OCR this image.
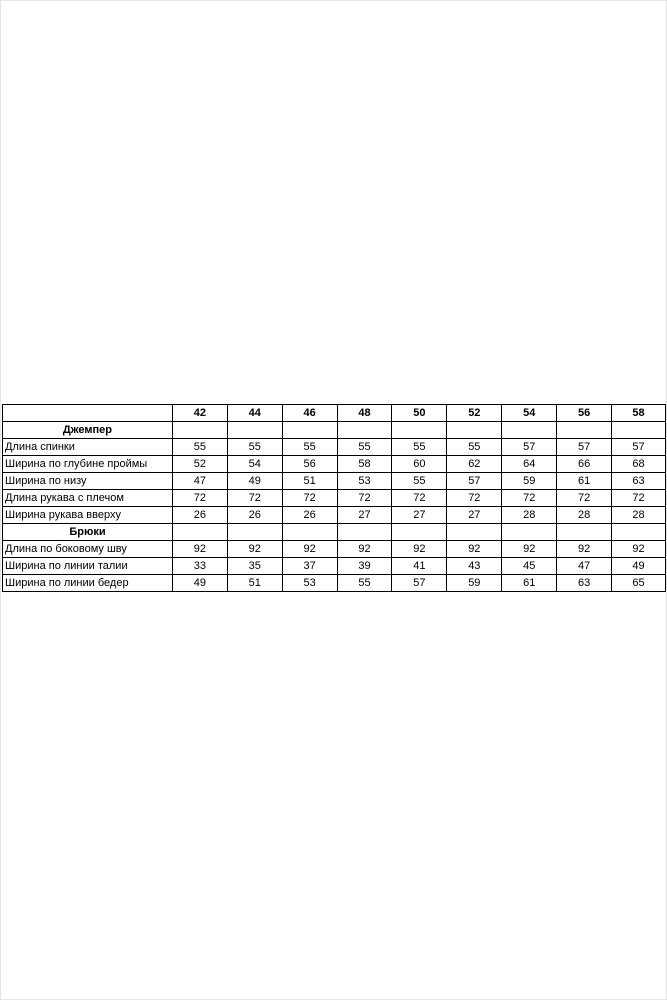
	42	44	46	48	50	52	54	56	58
Джемпер									
Длина спинки	55	55	55	55	55	55	57	57	57
Ширина по глубине проймы	52	54	56	58	60	62	64	66	68
Ширина по низу	47	49	51	53	55	57	59	61	63
Длина рукава с плечом	72	72	72	72	72	72	72	72	72
Ширина рукава вверху	26	26	26	27	27	27	28	28	28
Брюки									
Длина по боковому шву	92	92	92	92	92	92	92	92	92
Ширина по линии талии	33	35	37	39	41	43	45	47	49
Ширина по линии бедер	49	51	53	55	57	59	61	63	65
